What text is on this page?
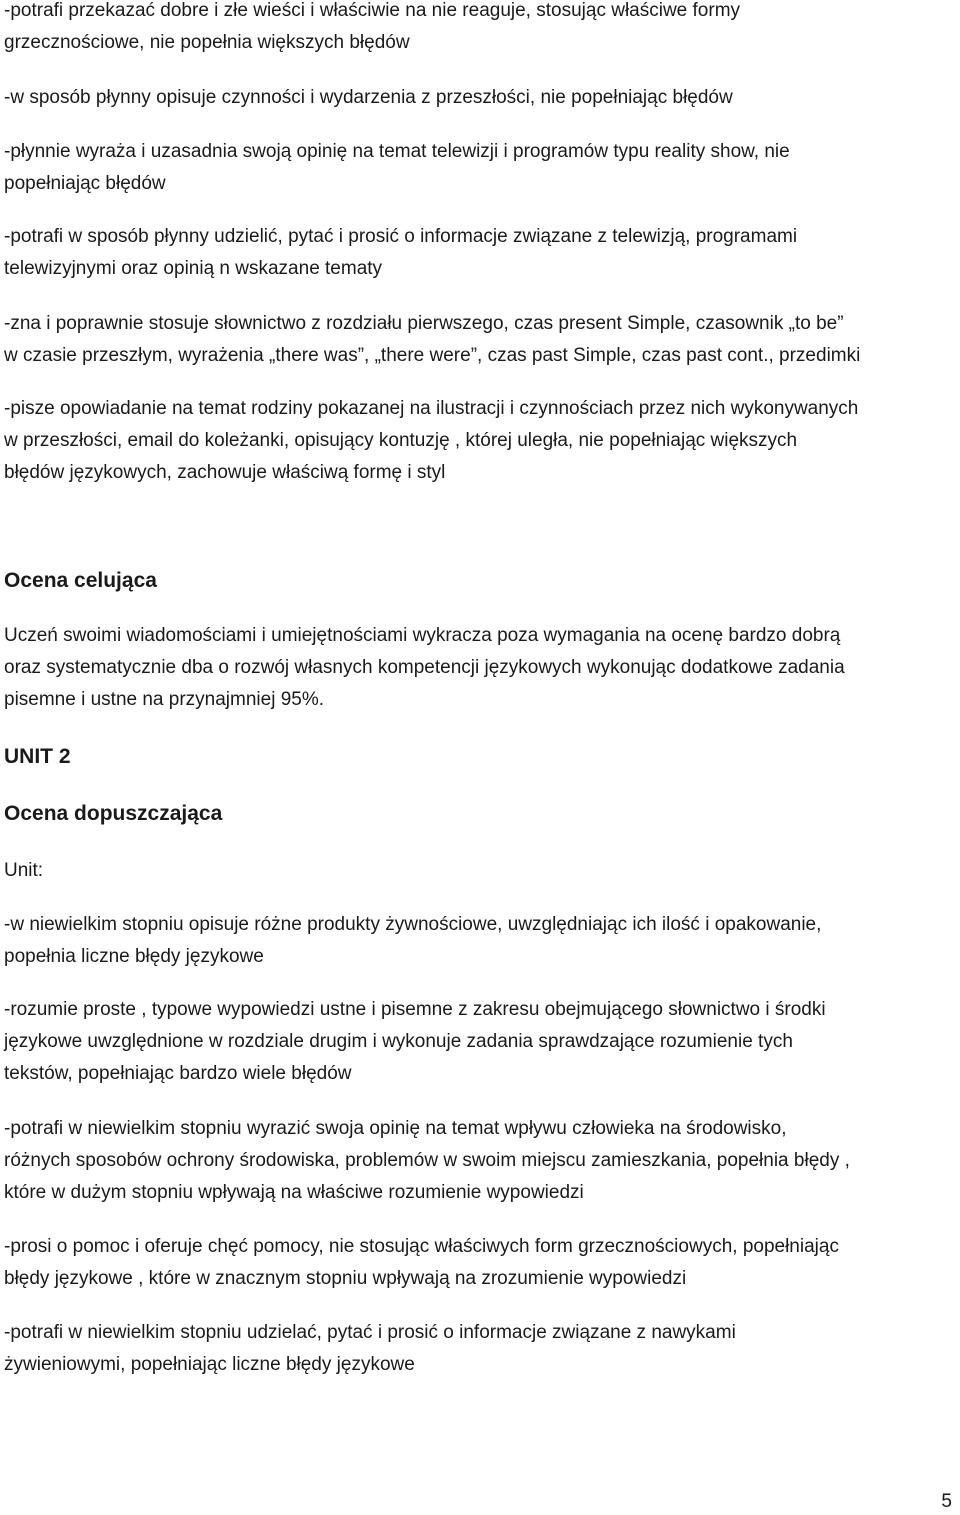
-potrafi przekazać dobre i złe wieści i właściwie na nie reaguje, stosując właściwe formy
grzecznościowe, nie popełnia większych błędów

-w sposób płynny opisuje czynności i wydarzenia z przeszłości, nie popełniając błędów

-płynnie wyraża i uzasadnia swoją opinię na temat telewizji i programów typu reality show, nie
popełniając błędów

-potrafi w sposób płynny udzielić, pytać i prosić o informacje związane z telewizją, programami
telewizyjnymi oraz opinią n wskazane tematy

-zna i poprawnie stosuje słownictwo z rozdziału pierwszego, czas present Simple, czasownik „to be”
w czasie przeszłym, wyrażenia „there was”, „there were”, czas past Simple, czas past cont., przedimki

-pisze opowiadanie na temat rodziny pokazanej na ilustracji i czynnościach przez nich wykonywanych
w przeszłości, email do koleżanki, opisujący kontuzję , której uległa, nie popełniając większych
błędów językowych, zachowuje właściwą formę i styl

Ocena celująca

Uczeń swoimi wiadomościami i umiejętnościami wykracza poza wymagania na ocenę bardzo dobrą
oraz systematycznie dba o rozwój własnych kompetencji językowych wykonując dodatkowe zadania
pisemne i ustne na przynajmniej 95%.

UNIT 2
Ocena dopuszczająca

Unit:

-w niewielkim stopniu opisuje różne produkty żywnościowe, uwzględniając ich ilość i opakowanie,
popełnia liczne błędy językowe

-rozumie proste , typowe wypowiedzi ustne i pisemne z zakresu obejmującego słownictwo i środki
językowe uwzględnione w rozdziale drugim i wykonuje zadania sprawdzające rozumienie tych
tekstów, popełniając bardzo wiele błędów

-potrafi w niewielkim stopniu wyrazić swoja opinię na temat wpływu człowieka na środowisko,
różnych sposobów ochrony środowiska, problemów w swoim miejscu zamieszkania, popełnia błędy ,
które w dużym stopniu wpływają na właściwe rozumienie wypowiedzi

-prosi o pomoc i oferuje chęć pomocy, nie stosując właściwych form grzecznościowych, popełniając
błędy językowe , które w znacznym stopniu wpływają na zrozumienie wypowiedzi

-potrafi w niewielkim stopniu udzielać, pytać i prosić o informacje związane z nawykami
żywieniowymi, popełniając liczne błędy językowe

5
